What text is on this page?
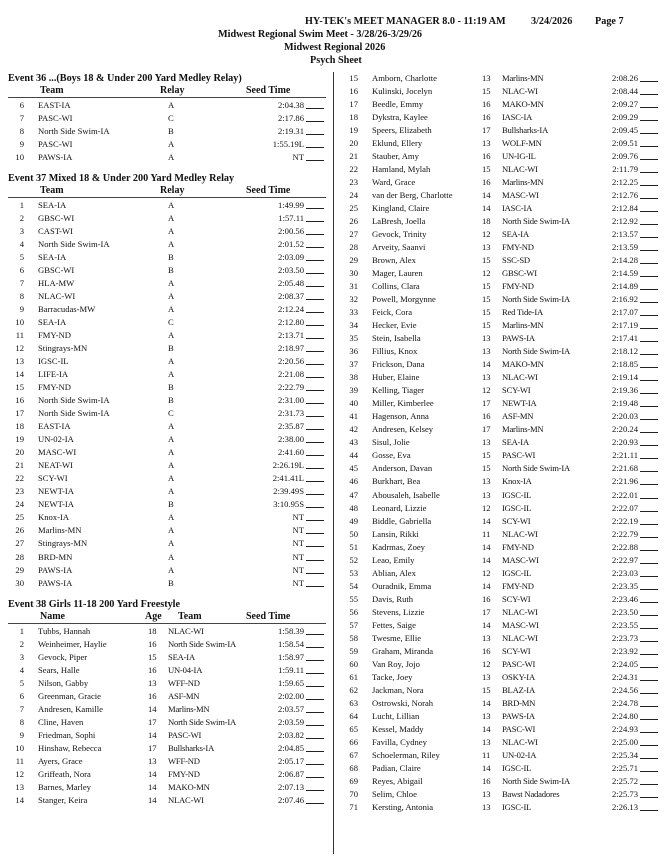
HY-TEK's MEET MANAGER 8.0 - 11:19 AM 3/24/2026 Page 7
Midwest Regional Swim Meet - 3/28/26-3/29/26
Midwest Regional 2026
Psych Sheet
Event 36 ...(Boys 18 & Under 200 Yard Medley Relay)
Team	Relay	Seed Time
6 EAST-IA	A	2:04.38
7 PASC-WI	C	2:17.86
8 North Side Swim-IA	B	2:19.31
9 PASC-WI	A	1:55.19L
10 PAWS-IA	A	NT
Event 37 Mixed 18 & Under 200 Yard Medley Relay
Team	Relay	Seed Time
1 SEA-IA	A	1:49.99
2 GBSC-WI	A	1:57.11
3 CAST-WI	A	2:00.56
4 North Side Swim-IA	A	2:01.52
5 SEA-IA	B	2:03.09
6 GBSC-WI	B	2:03.50
7 HLA-MW	A	2:05.48
8 NLAC-WI	A	2:08.37
9 Barracudas-MW	A	2:12.24
10 SEA-IA	C	2:12.80
11 FMY-ND	A	2:13.71
12 Stingrays-MN	B	2:18.97
13 IGSC-IL	A	2:20.56
14 LIFE-IA	A	2:21.08
15 FMY-ND	B	2:22.79
16 North Side Swim-IA	B	2:31.00
17 North Side Swim-IA	C	2:31.73
18 EAST-IA	A	2:35.87
19 UN-02-IA	A	2:38.00
20 MASC-WI	A	2:41.60
21 NEAT-WI	A	2:26.19L
22 SCY-WI	A	2:41.41L
23 NEWT-IA	A	2:39.49S
24 NEWT-IA	B	3:10.95S
25 Knox-IA	A	NT
26 Marlins-MN	A	NT
27 Stingrays-MN	A	NT
28 BRD-MN	A	NT
29 PAWS-IA	A	NT
30 PAWS-IA	B	NT
Event 38 Girls 11-18 200 Yard Freestyle
Name	Age Team	Seed Time
1 Tubbs, Hannah	18 NLAC-WI	1:58.39
2 Weinheimer, Haylie	16 North Side Swim-IA	1:58.54
3 Gevock, Piper	15 SEA-IA	1:58.97
4 Sears, Halle	16 UN-04-IA	1:59.11
5 Nilson, Gabby	13 WFF-ND	1:59.65
6 Greenman, Gracie	16 ASF-MN	2:02.00
7 Andresen, Kamille	14 Marlins-MN	2:03.57
8 Cline, Haven	17 North Side Swim-IA	2:03.59
9 Friedman, Sophi	14 PASC-WI	2:03.82
10 Hinshaw, Rebecca	17 Bullsharks-IA	2:04.85
11 Ayers, Grace	13 WFF-ND	2:05.17
12 Griffeath, Nora	14 FMY-ND	2:06.87
13 Barnes, Marley	14 MAKO-MN	2:07.13
14 Stanger, Keira	14 NLAC-WI	2:07.46
15 Amborn, Charlotte	13 Marlins-MN	2:08.26
16 Kulinski, Jocelyn	15 NLAC-WI	2:08.44
17 Beedle, Emmy	16 MAKO-MN	2:09.27
18 Dykstra, Kaylee	16 IASC-IA	2:09.29
19 Speers, Elizabeth	17 Bullsharks-IA	2:09.45
20 Eklund, Ellery	13 WOLF-MN	2:09.51
21 Stauber, Amy	16 UN-IG-IL	2:09.76
22 Hamland, Mylah	15 NLAC-WI	2:11.79
23 Ward, Grace	16 Marlins-MN	2:12.25
24 van der Berg, Charlotte	14 MASC-WI	2:12.76
25 Kingland, Claire	14 IASC-IA	2:12.84
26 LaBresh, Joella	18 North Side Swim-IA	2:12.92
27 Gevock, Trinity	12 SEA-IA	2:13.57
28 Arveity, Saanvi	13 FMY-ND	2:13.59
29 Brown, Alex	15 SSC-SD	2:14.28
30 Mager, Lauren	12 GBSC-WI	2:14.59
31 Collins, Clara	15 FMY-ND	2:14.89
32 Powell, Morgynne	15 North Side Swim-IA	2:16.92
33 Feick, Cora	15 Red Tide-IA	2:17.07
34 Hecker, Evie	15 Marlins-MN	2:17.19
35 Stein, Isabella	13 PAWS-IA	2:17.41
36 Fillius, Knox	13 North Side Swim-IA	2:18.12
37 Frickson, Dana	14 MAKO-MN	2:18.85
38 Huber, Elaine	13 NLAC-WI	2:19.14
39 Kelling, Tiager	12 SCY-WI	2:19.36
40 Miller, Kimberlee	17 NEWT-IA	2:19.48
41 Hagenson, Anna	16 ASF-MN	2:20.03
42 Andresen, Kelsey	17 Marlins-MN	2:20.24
43 Sisul, Jolie	13 SEA-IA	2:20.93
44 Gosse, Eva	15 PASC-WI	2:21.11
45 Anderson, Davan	15 North Side Swim-IA	2:21.68
46 Burkhart, Bea	13 Knox-IA	2:21.96
47 Abousaleh, Isabelle	13 IGSC-IL	2:22.01
48 Leonard, Lizzie	12 IGSC-IL	2:22.07
49 Biddle, Gabriella	14 SCY-WI	2:22.19
50 Lansin, Rikki	11 NLAC-WI	2:22.79
51 Kadrmas, Zoey	14 FMY-ND	2:22.88
52 Leao, Emily	14 MASC-WI	2:22.97
53 Ablian, Alex	12 IGSC-IL	2:23.03
54 Ouradnik, Emma	14 FMY-ND	2:23.35
55 Davis, Ruth	16 SCY-WI	2:23.46
56 Stevens, Lizzie	17 NLAC-WI	2:23.50
57 Fettes, Saige	14 MASC-WI	2:23.55
58 Twesme, Ellie	13 NLAC-WI	2:23.73
59 Graham, Miranda	16 SCY-WI	2:23.92
60 Van Roy, Jojo	12 PASC-WI	2:24.05
61 Tacke, Joey	13 OSKY-IA	2:24.31
62 Jackman, Nora	15 BLAZ-IA	2:24.56
63 Ostrowski, Norah	14 BRD-MN	2:24.78
64 Lucht, Lillian	13 PAWS-IA	2:24.80
65 Kessel, Maddy	14 PASC-WI	2:24.93
66 Favilla, Cydney	13 NLAC-WI	2:25.00
67 Schoelerman, Riley	11 UN-02-IA	2:25.34
68 Padian, Claire	14 IGSC-IL	2:25.71
69 Reyes, Abigail	16 North Side Swim-IA	2:25.72
70 Selim, Chloe	13 Bawst Nadadores	2:25.73
71 Kersting, Antonia	13 IGSC-IL	2:26.13
